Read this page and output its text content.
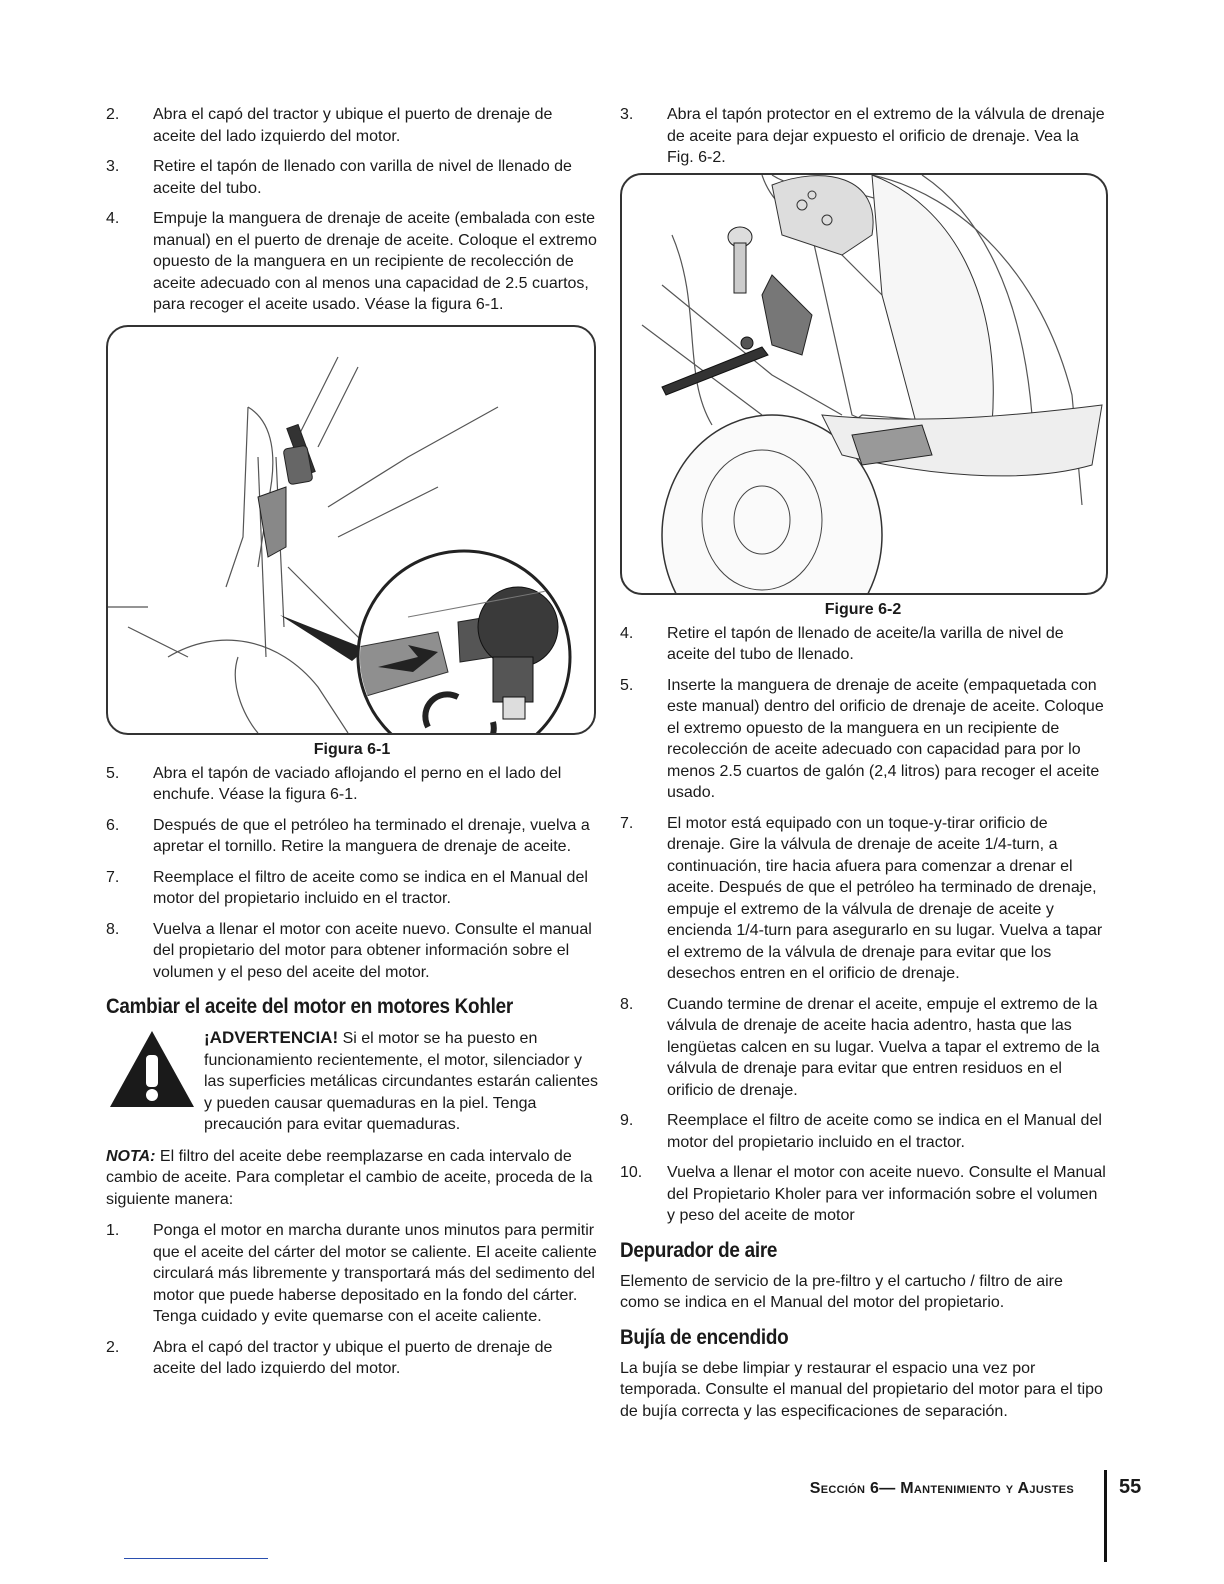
2.	Abra el capó del tractor y ubique el puerto de drenaje de aceite del lado izquierdo del motor.
3.	Retire el tapón de llenado con varilla de nivel de llenado de aceite del tubo.
4.	Empuje la manguera de drenaje de aceite (embalada con este manual) en el puerto de drenaje de aceite. Coloque el extremo opuesto de la manguera en un recipiente de recolección de aceite adecuado con al menos una capacidad de 2.5 cuartos, para recoger el aceite usado. Véase la figura 6-1.
Figura 6-1
5.	Abra el tapón de vaciado aflojando el perno en el lado del enchufe. Véase la figura 6-1.
6.	Después de que el petróleo ha terminado el drenaje, vuelva a apretar el tornillo. Retire la manguera de drenaje de aceite.
7.	Reemplace el filtro de aceite como se indica en el Manual del motor del propietario incluido en el tractor.
8.	Vuelva a llenar el motor con aceite nuevo. Consulte el manual del propietario del motor para obtener información sobre el volumen y el peso del aceite del motor.
Cambiar el aceite del motor en motores Kohler
¡ADVERTENCIA! Si el motor se ha puesto en funcionamiento recientemente, el motor, silenciador y las superficies metálicas circundantes estarán calientes y pueden causar quemaduras en la piel. Tenga precaución para evitar quemaduras.
NOTA: El filtro del aceite debe reemplazarse en cada intervalo de cambio de aceite. Para completar el cambio de aceite, proceda de la siguiente manera:
1.	Ponga el motor en marcha durante unos minutos para permitir que el aceite del cárter del motor se caliente. El aceite caliente circulará más libremente y transportará más del sedimento del motor que puede haberse depositado en la fondo del cárter. Tenga cuidado y evite quemarse con el aceite caliente.
2.	Abra el capó del tractor y ubique el puerto de drenaje de aceite del lado izquierdo del motor.
3.	Abra el tapón protector en el extremo de la válvula de drenaje de aceite para dejar expuesto el orificio de drenaje. Vea la Fig. 6-2.
Figure 6-2
4.	Retire el tapón de llenado de aceite/la varilla de nivel de aceite del tubo de llenado.
5.	Inserte la manguera de drenaje de aceite (empaquetada con este manual) dentro del orificio de drenaje de aceite. Coloque el extremo opuesto de la manguera en un recipiente de recolección de aceite adecuado con capacidad para por lo menos 2.5 cuartos de galón (2,4 litros) para recoger el aceite usado.
7.	El motor está equipado con un toque-y-tirar orificio de drenaje. Gire la válvula de drenaje de aceite 1/4-turn, a continuación, tire hacia afuera para comenzar a drenar el aceite. Después de que el petróleo ha terminado de drenaje, empuje el extremo de la válvula de drenaje de aceite y encienda 1/4-turn para asegurarlo en su lugar. Vuelva a tapar el extremo de la válvula de drenaje para evitar que los desechos entren en el orificio de drenaje.
8.	Cuando termine de drenar el aceite, empuje el extremo de la válvula de drenaje de aceite hacia adentro, hasta que las lengüetas calcen en su lugar. Vuelva a tapar el extremo de la válvula de drenaje para evitar que entren residuos en el orificio de drenaje.
9.	Reemplace el filtro de aceite como se indica en el Manual del motor del propietario incluido en el tractor.
10.	Vuelva a llenar el motor con aceite nuevo. Consulte el Manual del Propietario Kholer para ver información sobre el volumen y peso del aceite de motor
Depurador de aire
Elemento de servicio de la pre-filtro y el cartucho / filtro de aire como se indica en el Manual del motor del propietario.
Bujía de encendido
La bujía se debe limpiar y restaurar el espacio una vez por temporada. Consulte el manual del propietario del motor para el tipo de bujía correcta y las especificaciones de separación.
Sección 6— Mantenimiento y Ajustes 55
